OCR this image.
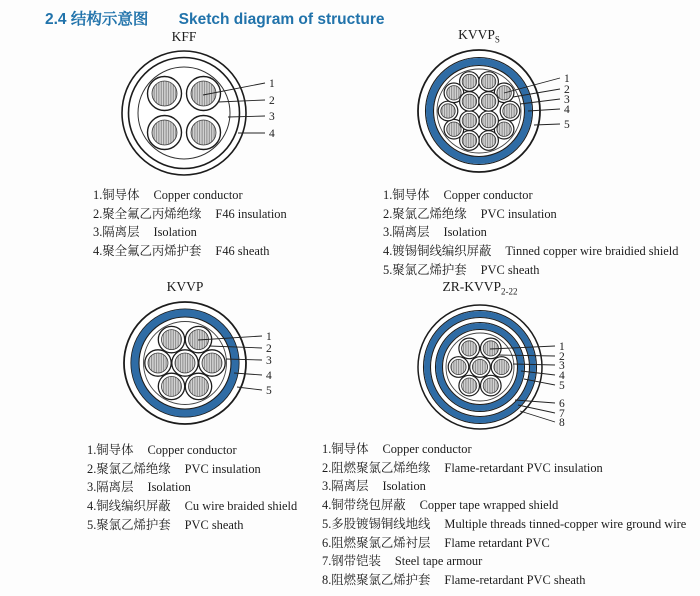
2.4 结构示意图 Sketch diagram of structure
KFF
1
2
3
4
1.铜导体 Copper conductor
2.聚全氟乙丙烯绝缘 F46 insulation
3.隔离层 Isolation
4.聚全氟乙丙烯护套 F46 sheath
$KVVP_S$
1
2
3
4
5
1.铜导体 Copper conductor
2.聚氯乙烯绝缘 PVC insulation
3.隔离层 Isolation
4.镀锡铜线编织屏蔽 Tinned copper wire braidied shield
5.聚氯乙烯护套 PVC sheath
KVVP
1
2
3
4
5
1.铜导体 Copper conductor
2.聚氯乙烯绝缘 PVC insulation
3.隔离层 Isolation
4.铜线编织屏蔽 Cu wire braided shield
5.聚氯乙烯护套 PVC sheath
$ZR-KVVP_{2-22}$
1
2
3
4
5
6
7
8
1.铜导体 Copper conductor
2.阻燃聚氯乙烯绝缘 Flame-retardant PVC insulation
3.隔离层 Isolation
4.铜带绕包屏蔽 Copper tape wrapped shield
5.多股镀锡铜线地线 Multiple threads tinned-copper wire ground wire
6.阻燃聚氯乙烯衬层 Flame retardant PVC
7.钢带铠装 Steel tape armour
8.阻燃聚氯乙烯护套 Flame-retardant PVC sheath
